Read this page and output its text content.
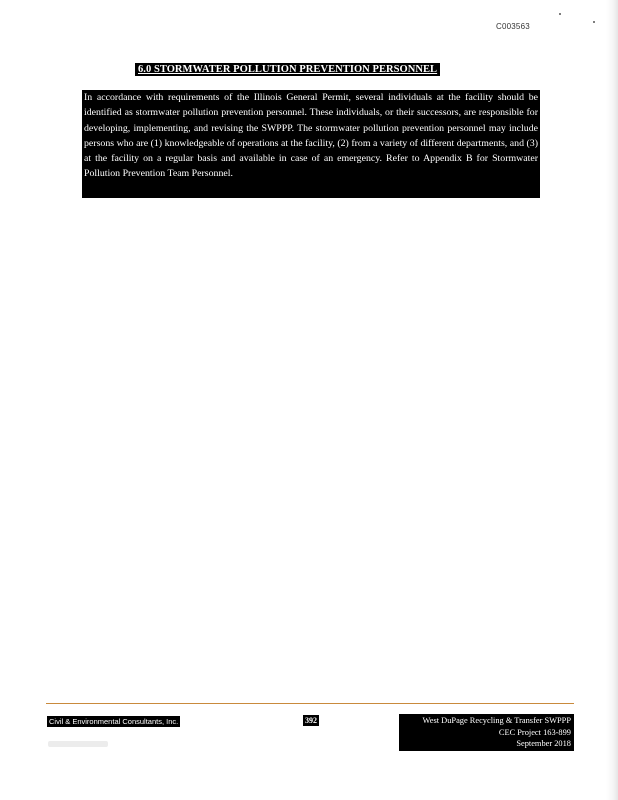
C003563
6.0 STORMWATER POLLUTION PREVENTION PERSONNEL
In accordance with requirements of the Illinois General Permit, several individuals at the facility should be identified as stormwater pollution prevention personnel. These individuals, or their successors, are responsible for developing, implementing, and revising the SWPPP. The stormwater pollution prevention personnel may include persons who are (1) knowledgeable of operations at the facility, (2) from a variety of different departments, and (3) at the facility on a regular basis and available in case of an emergency. Refer to Appendix B for Stormwater Pollution Prevention Team Personnel.
Civil & Environmental Consultants, Inc.	392	West DuPage Recycling & Transfer SWPPP
CEC Project 163-899
September 2018
